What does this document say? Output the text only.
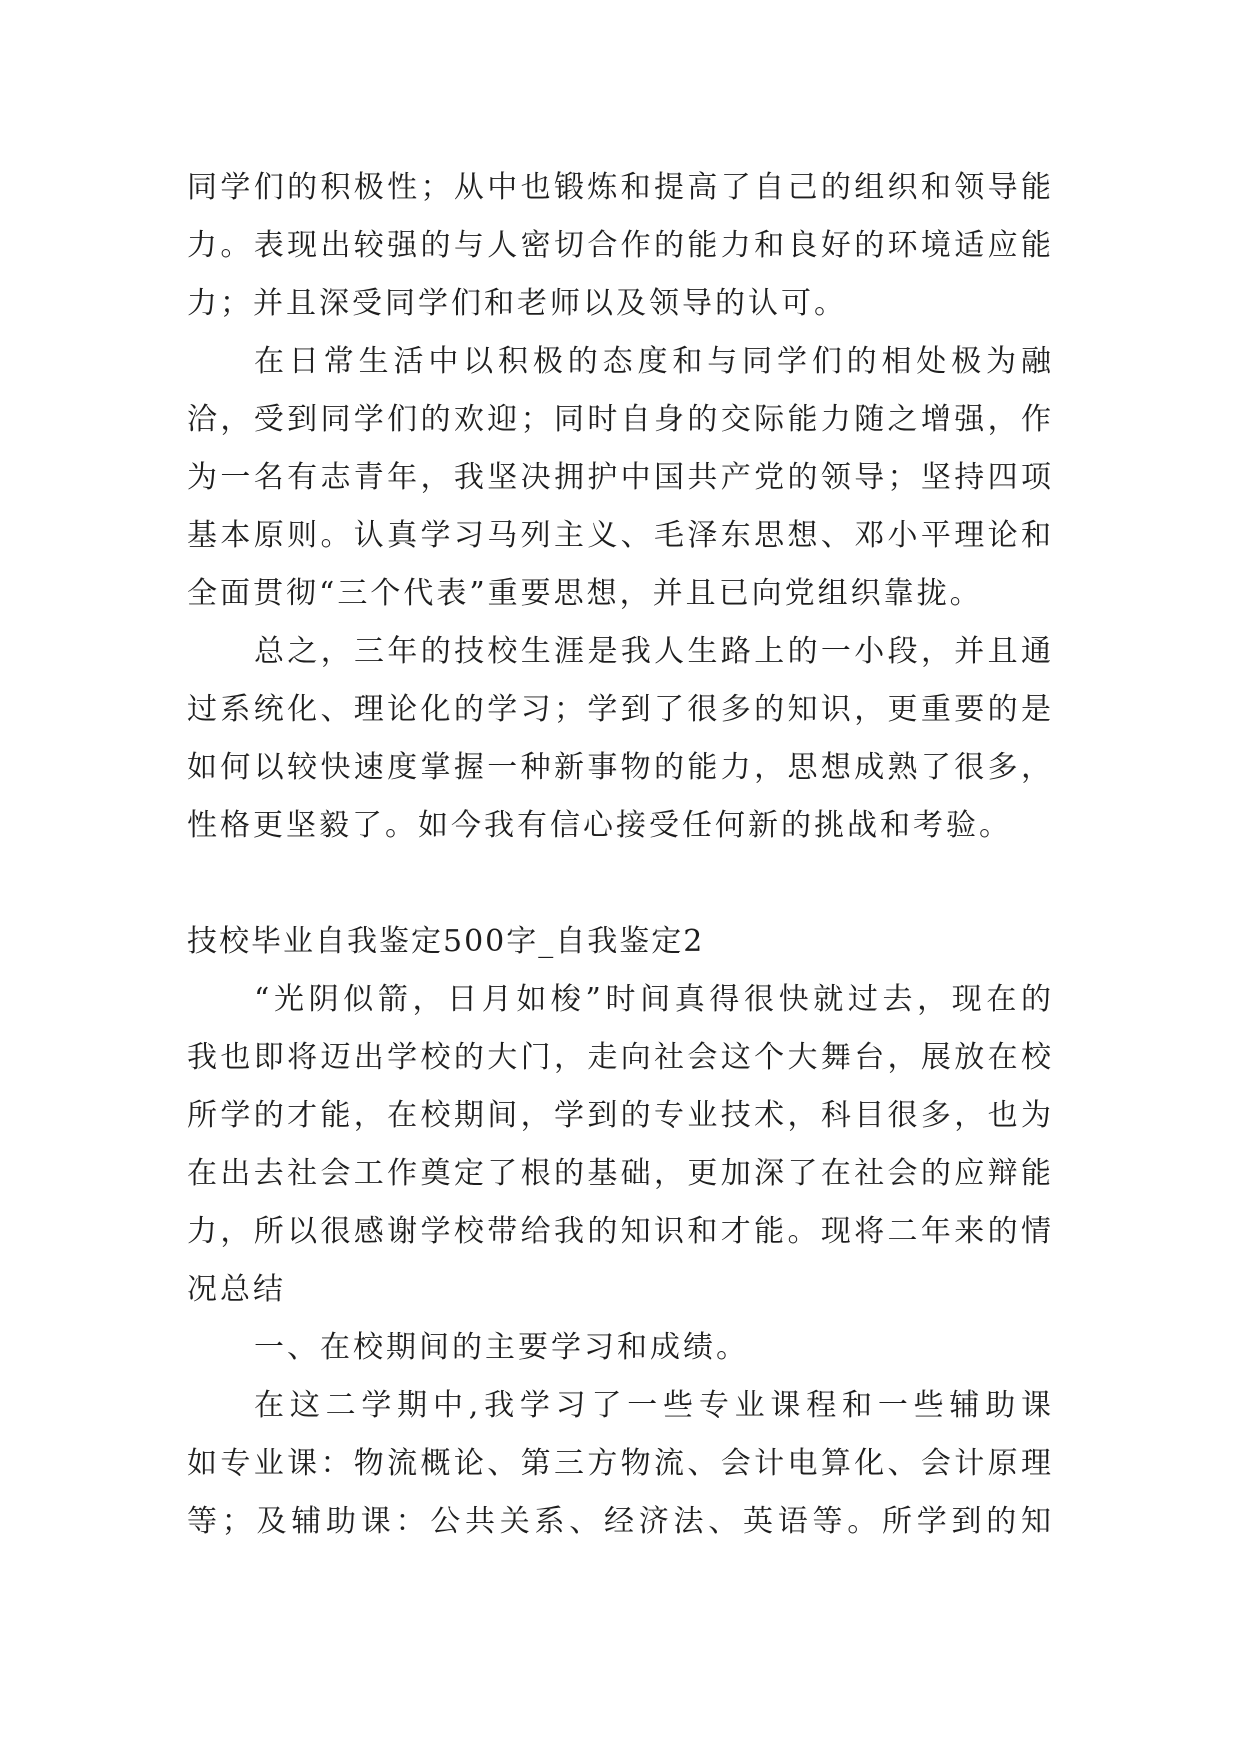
同学们的积极性；从中也锻炼和提高了自己的组织和领导能
力。表现出较强的与人密切合作的能力和良好的环境适应能
力；并且深受同学们和老师以及领导的认可。
在日常生活中以积极的态度和与同学们的相处极为融
洽，受到同学们的欢迎；同时自身的交际能力随之增强，作
为一名有志青年，我坚决拥护中国共产党的领导；坚持四项
基本原则。认真学习马列主义、毛泽东思想、邓小平理论和
全面贯彻“三个代表”重要思想，并且已向党组织靠拢。
总之，三年的技校生涯是我人生路上的一小段，并且通
过系统化、理论化的学习；学到了很多的知识，更重要的是
如何以较快速度掌握一种新事物的能力，思想成熟了很多，
性格更坚毅了。如今我有信心接受任何新的挑战和考验。
技校毕业自我鉴定500字_自我鉴定2
“光阴似箭，日月如梭”时间真得很快就过去，现在的
我也即将迈出学校的大门，走向社会这个大舞台，展放在校
所学的才能，在校期间，学到的专业技术，科目很多，也为
在出去社会工作奠定了根的基础，更加深了在社会的应辩能
力，所以很感谢学校带给我的知识和才能。现将二年来的情
况总结
一、在校期间的主要学习和成绩。
在这二学期中,我学习了一些专业课程和一些辅助课
如专业课：物流概论、第三方物流、会计电算化、会计原理
等；及辅助课：公共关系、经济法、英语等。所学到的知
